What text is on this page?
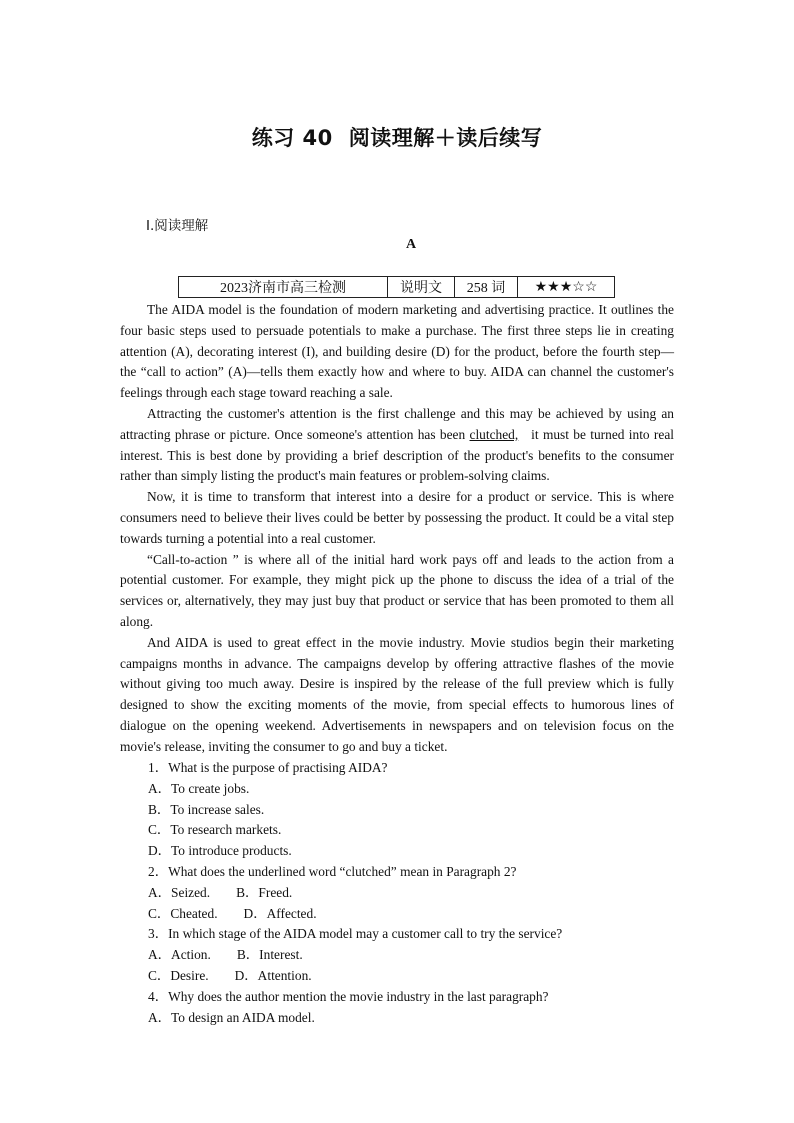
练习 40 阅读理解＋读后续写
Ⅰ.阅读理解
A
2023济南市高三检测	说明文	258 词	★★★☆☆

The AIDA model is the foundation of modern marketing and advertising practice. It outlines the four basic steps used to persuade potentials to make a purchase. The first three steps lie in creating attention (A), decorating interest (I), and building desire (D) for the product, before the fourth step—the “call to action” (A)—tells them exactly how and where to buy. AIDA can channel the customer's feelings through each stage toward reaching a sale.

Attracting the customer's attention is the first challenge and this may be achieved by using an attracting phrase or picture. Once someone's attention has been clutched,   it must be turned into real interest. This is best done by providing a brief description of the product's benefits to the consumer rather than simply listing the product's main features or problem-solving claims.

Now, it is time to transform that interest into a desire for a product or service. This is where consumers need to believe their lives could be better by possessing the product. It could be a vital step towards turning a potential into a real customer.

“Call-to-action ” is where all of the initial hard work pays off and leads to the action from a potential customer. For example, they might pick up the phone to discuss the idea of a trial of the services or, alternatively, they may just buy that product or service that has been promoted to them all along.

And AIDA is used to great effect in the movie industry. Movie studios begin their marketing campaigns months in advance. The campaigns develop by offering attractive flashes of the movie without giving too much away. Desire is inspired by the release of the full preview which is fully designed to show the exciting moments of the movie, from special effects to humorous lines of dialogue on the opening weekend. Advertisements in newspapers and on television focus on the movie's release, inviting the consumer to go and buy a ticket.

1．What is the purpose of practising AIDA?
A．To create jobs.
B．To increase sales.
C．To research markets.
D．To introduce products.
2．What does the underlined word “clutched” mean in Paragraph 2?
A．Seized. B．Freed.
C．Cheated. D．Affected.
3．In which stage of the AIDA model may a customer call to try the service?
A．Action. B．Interest.
C．Desire. D．Attention.
4．Why does the author mention the movie industry in the last paragraph?
A．To design an AIDA model.
